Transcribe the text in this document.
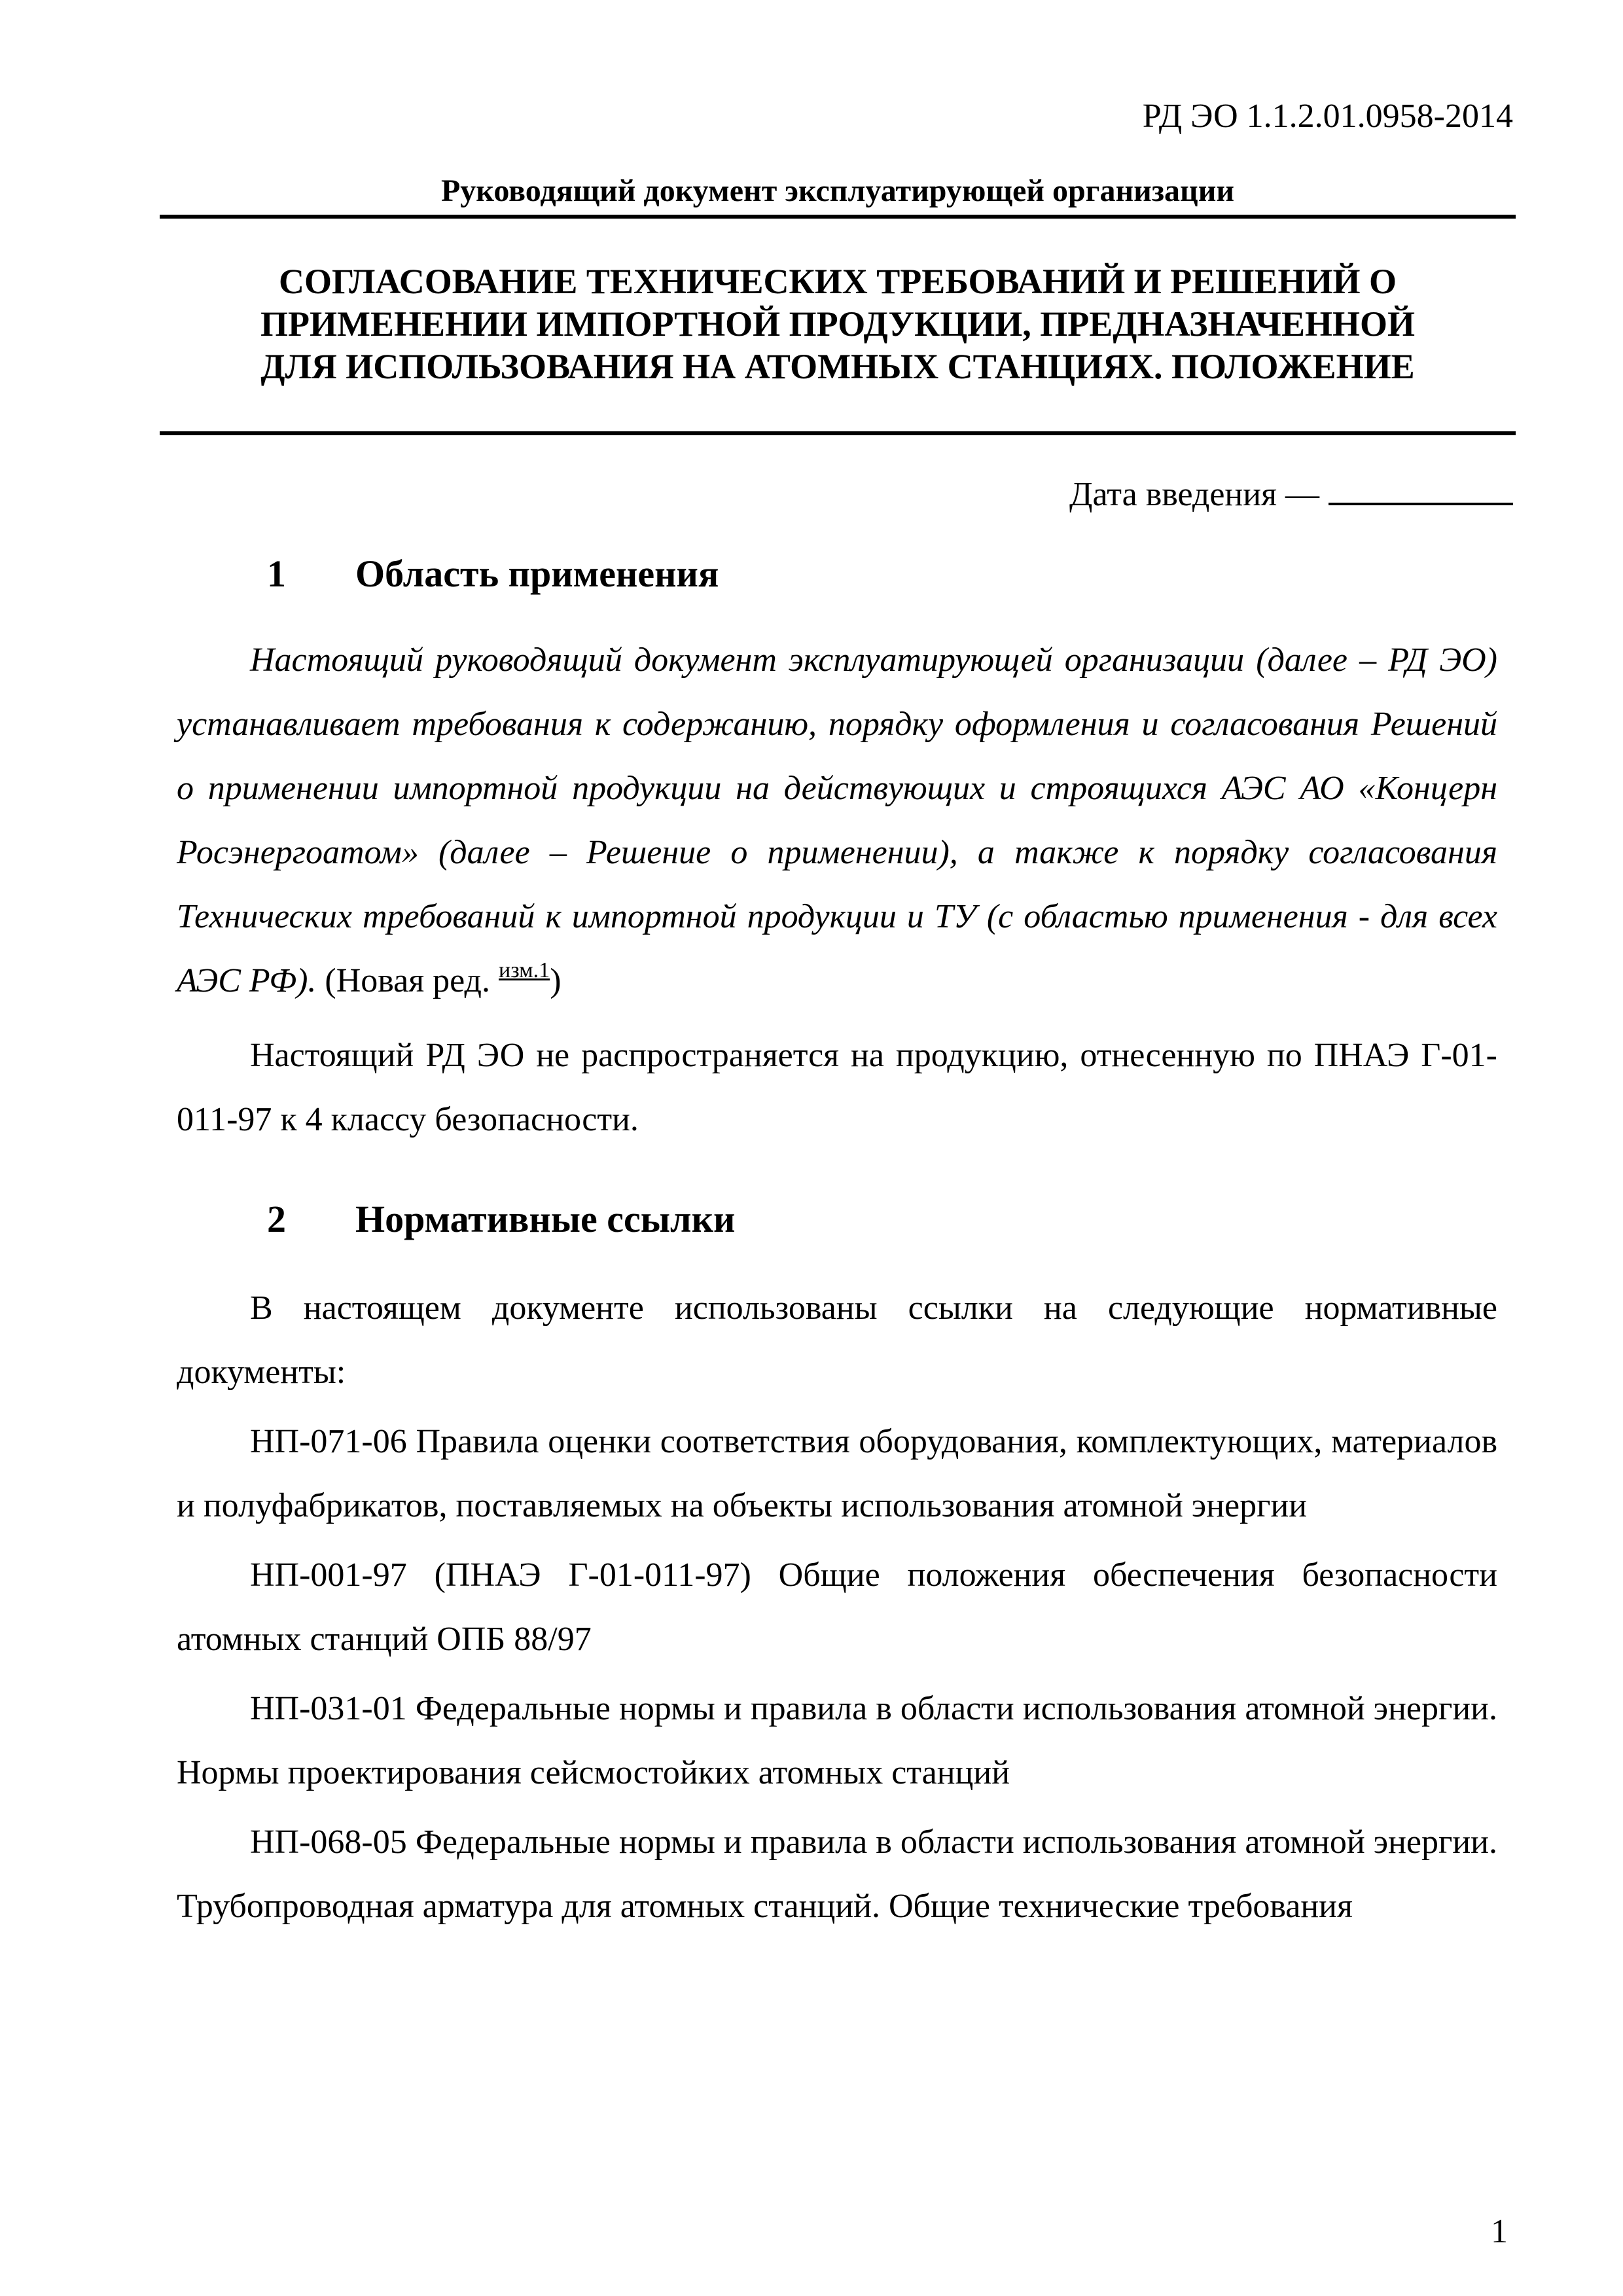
РД ЭО 1.1.2.01.0958-2014
Руководящий документ эксплуатирующей организации
СОГЛАСОВАНИЕ ТЕХНИЧЕСКИХ ТРЕБОВАНИЙ И РЕШЕНИЙ О
ПРИМЕНЕНИИ ИМПОРТНОЙ ПРОДУКЦИИ, ПРЕДНАЗНАЧЕННОЙ
ДЛЯ ИСПОЛЬЗОВАНИЯ НА АТОМНЫХ СТАНЦИЯХ. ПОЛОЖЕНИЕ
Дата введения —
1 Область применения

Настоящий руководящий документ эксплуатирующей организации (далее – РД ЭО) устанавливает требования к содержанию, порядку оформления и согласования Решений о применении импортной продукции на действующих и строящихся АЭС АО «Концерн Росэнергоатом» (далее – Решение о применении), а также к порядку согласования Технических требований к импортной продукции и ТУ (с областью применения - для всех АЭС РФ). (Новая ред. $^{изм.1}$)

Настоящий РД ЭО не распространяется на продукцию, отнесенную по ПНАЭ Г-01-011-97 к 4 классу безопасности.

2 Нормативные ссылки

В настоящем документе использованы ссылки на следующие нормативные документы:

НП-071-06 Правила оценки соответствия оборудования, комплектующих, материалов и полуфабрикатов, поставляемых на объекты использования атомной энергии

НП-001-97 (ПНАЭ Г-01-011-97) Общие положения обеспечения безопасности атомных станций ОПБ 88/97

НП-031-01 Федеральные нормы и правила в области использования атомной энергии. Нормы проектирования сейсмостойких атомных станций

НП-068-05 Федеральные нормы и правила в области использования атомной энергии. Трубопроводная арматура для атомных станций. Общие технические требования

1
